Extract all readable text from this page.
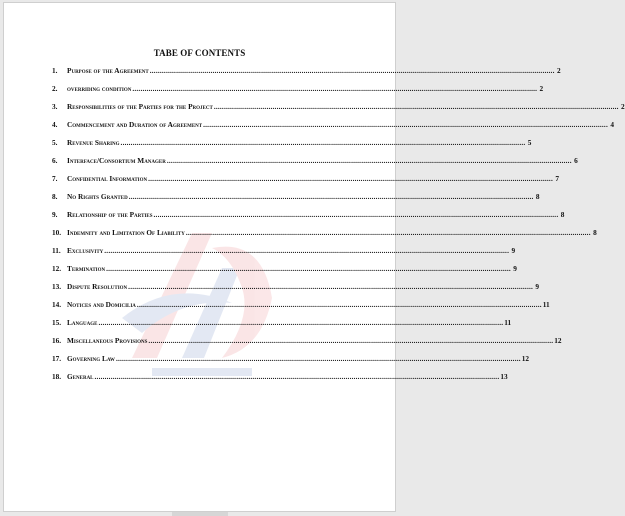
TABE OF CONTENTS
1.	Purpose of the Agreement .....	2
2.	overriding condition .....	2
3.	Responsibilities of the Parties for the Project .....	2
4.	Commencement and Duration of Agreement .....	4
5.	Revenue Sharing .....	5
6.	Interface/Consortium Manager .....	6
7.	Confidential Information .....	7
8.	No Rights Granted .....	8
9.	Relationship of the Parties .....	8
10. Indemnity and Limitation Of Liability .....	8
11. Exclusivity .....	9
12. Termination .....	9
13. Dispute Resolution .....	9
14. Notices and Domicilia .....	11
15. Language .....	11
16. Miscellaneous Provisions .....	12
17. Governing Law .....	12
18. General .....	13
